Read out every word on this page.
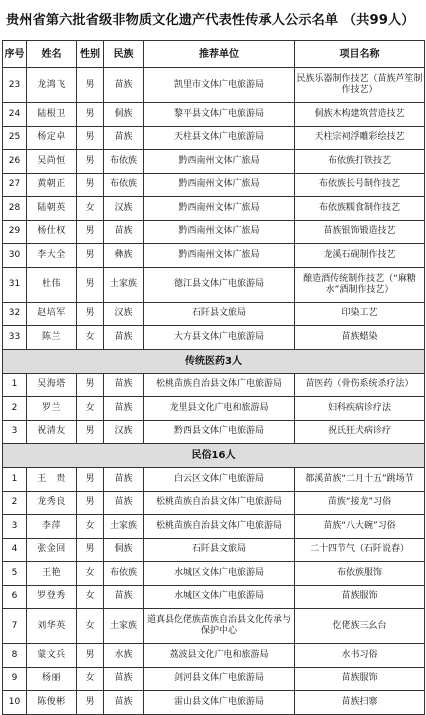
贵州省第六批省级非物质文化遗产代表性传承人公示名单 （共99人）
序号	姓名	性别	民族	推荐单位	项目名称
23	龙鸿飞	男	苗族	凯里市文体广电旅游局	民族乐器制作技艺（苗族芦笙制作技艺）
24	陆根卫	男	侗族	黎平县文体广电旅游局	侗族木构建筑营造技艺
25	杨定卓	男	苗族	天柱县文体广电旅游局	天柱宗祠浮雕彩绘技艺
26	吴尚恒	男	布依族	黔西南州文体广旅局	布依族打铁技艺
27	黄朝正	男	布依族	黔西南州文体广旅局	布依族长号制作技艺
28	陆朝英	女	汉族	黔西南州文体广旅局	布依族糯食制作技艺
29	杨仕权	男	苗族	黔西南州文体广旅局	苗族银饰锻造技艺
30	李大全	男	彝族	黔西南州文体广旅局	龙溪石砚制作技艺
31	杜伟	男	土家族	德江县文体广电旅游局	酿造酒传统制作技艺（“麻糖水”酒制作技艺）
32	赵培军	男	汉族	石阡县文旅局	印染工艺
33	陈兰	女	苗族	大方县文体广电旅游局	苗族蜡染
传统医药3人					
1	吴海塔	男	苗族	松桃苗族自治县文体广电旅游局	苗医药（骨伤系统杀疗法）
2	罗兰	女	苗族	龙里县文化广电和旅游局	妇科疾病诊疗法
3	祝清友	男	汉族	黔西县文体广电旅游局	祝氏狂犬病诊疗
民俗16人					
1	王　贵	男	苗族	白云区文体广电旅游局	都溪苗族“二月十五”跳场节
2	龙秀良	男	苗族	松桃苗族自治县文体广电旅游局	苗族“接龙”习俗
3	李萍	女	土家族	松桃苗族自治县文体广电旅游局	苗族“八大碗”习俗
4	张金回	男	侗族	石阡县文旅局	二十四节气（石阡说春）
5	王艳	女	布依族	水城区文体广电旅游局	布依族服饰
6	罗登秀	女	苗族	水城区文体广电旅游局	苗族服饰
7	刘华英	女	土家族	道真县仡佬族苗族自治县文化传承与保护中心	仡佬族三幺台
8	蒙文兵	男	水族	荔波县文化广电和旅游局	水书习俗
9	杨丽	女	苗族	剑河县文体广电旅游局	苗族服饰
10	陈俊彬	男	苗族	雷山县文体广电旅游局	苗族扫寨
